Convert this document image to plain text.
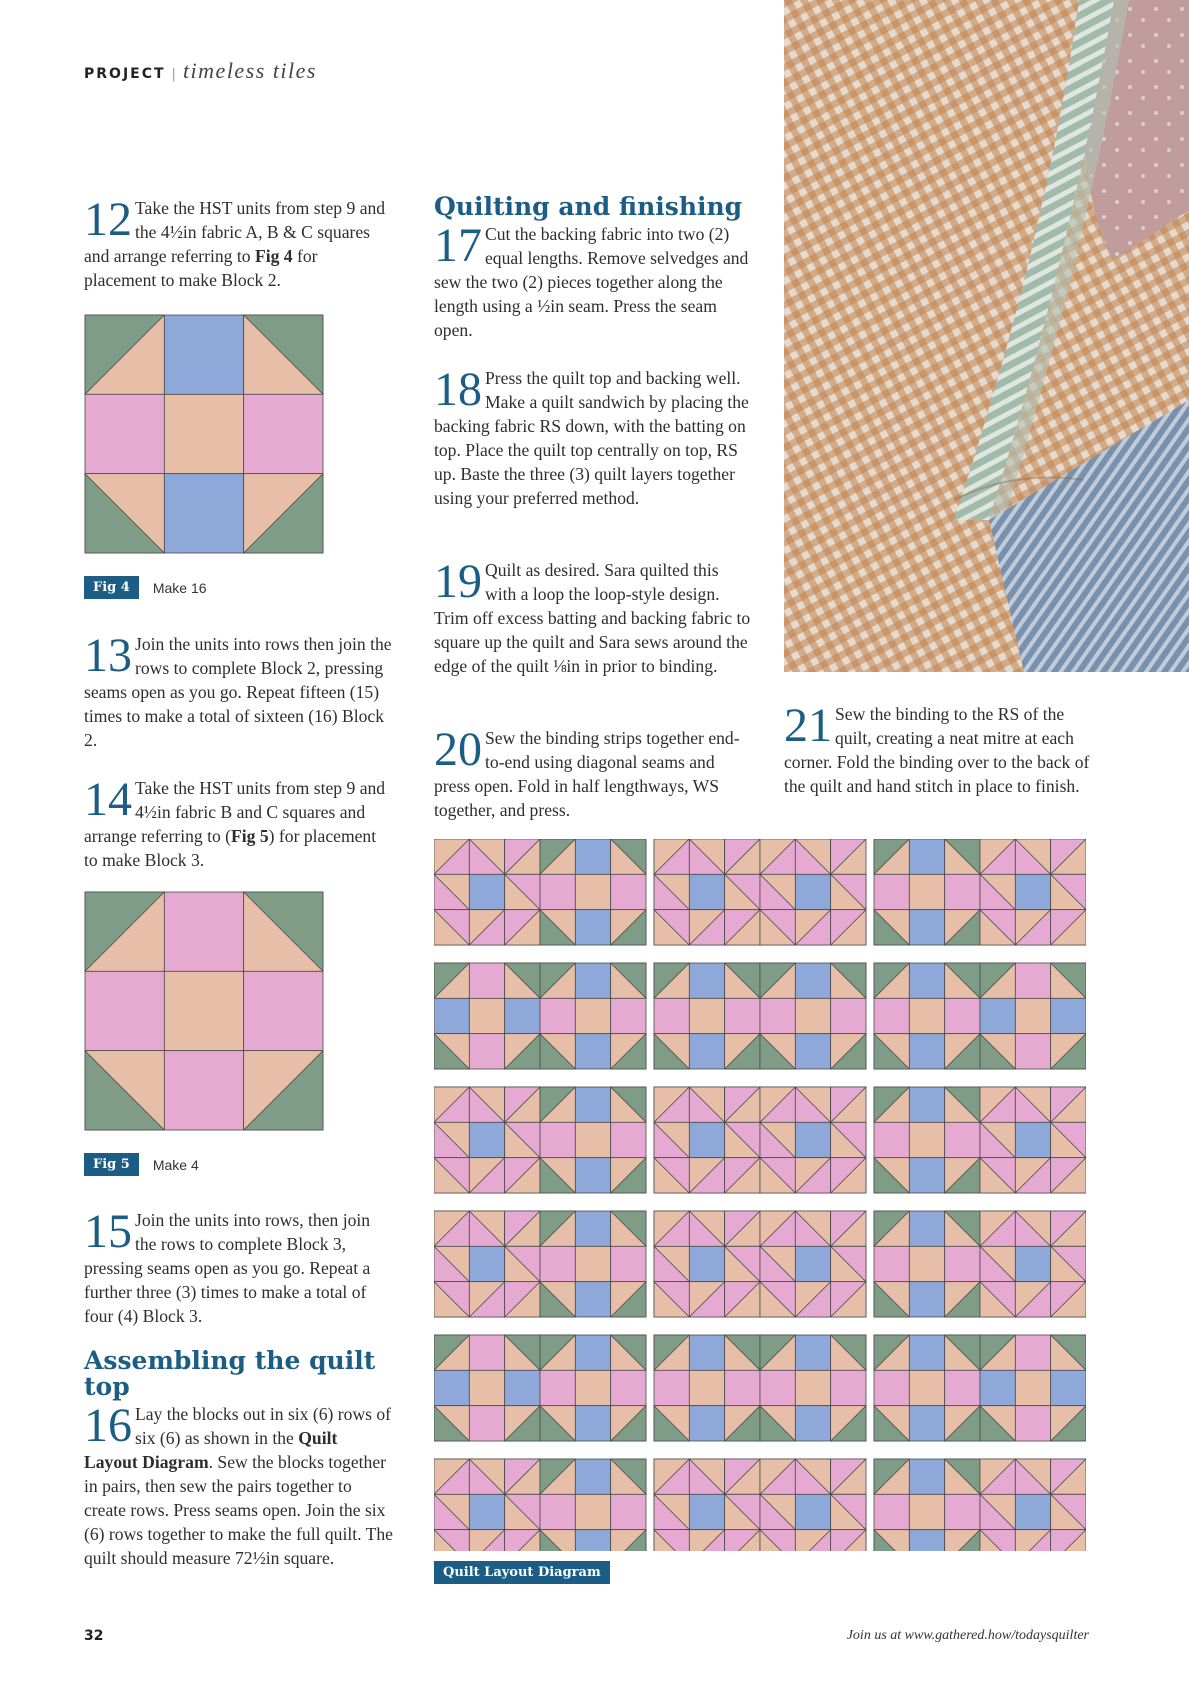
PROJECT | timeless tiles

12 Take the HST units from step 9 and the 4½in fabric A, B & C squares and arrange referring to Fig 4 for placement to make Block 2.

Fig 4	Make 16

13 Join the units into rows then join the rows to complete Block 2, pressing seams open as you go. Repeat fifteen (15) times to make a total of sixteen (16) Block 2.

14 Take the HST units from step 9 and 4½in fabric B and C squares and arrange referring to (Fig 5) for placement to make Block 3.

Fig 5	Make 4

15 Join the units into rows, then join the rows to complete Block 3, pressing seams open as you go. Repeat a further three (3) times to make a total of four (4) Block 3.

Assembling the quilt top

16 Lay the blocks out in six (6) rows of six (6) as shown in the Quilt Layout Diagram. Sew the blocks together in pairs, then sew the pairs together to create rows. Press seams open. Join the six (6) rows together to make the full quilt. The quilt should measure 72½in square.

Quilting and finishing

17 Cut the backing fabric into two (2) equal lengths. Remove selvedges and sew the two (2) pieces together along the length using a ½in seam. Press the seam open.

18 Press the quilt top and backing well. Make a quilt sandwich by placing the backing fabric RS down, with the batting on top. Place the quilt top centrally on top, RS up. Baste the three (3) quilt layers together using your preferred method.

19 Quilt as desired. Sara quilted this with a loop the loop-style design. Trim off excess batting and backing fabric to square up the quilt and Sara sews around the edge of the quilt ⅛in in prior to binding.

20 Sew the binding strips together end-to-end using diagonal seams and press open. Fold in half lengthways, WS together, and press.

21 Sew the binding to the RS of the quilt, creating a neat mitre at each corner. Fold the binding over to the back of the quilt and hand stitch in place to finish.

Quilt Layout Diagram
32	Join us at www.gathered.how/todaysquilter
